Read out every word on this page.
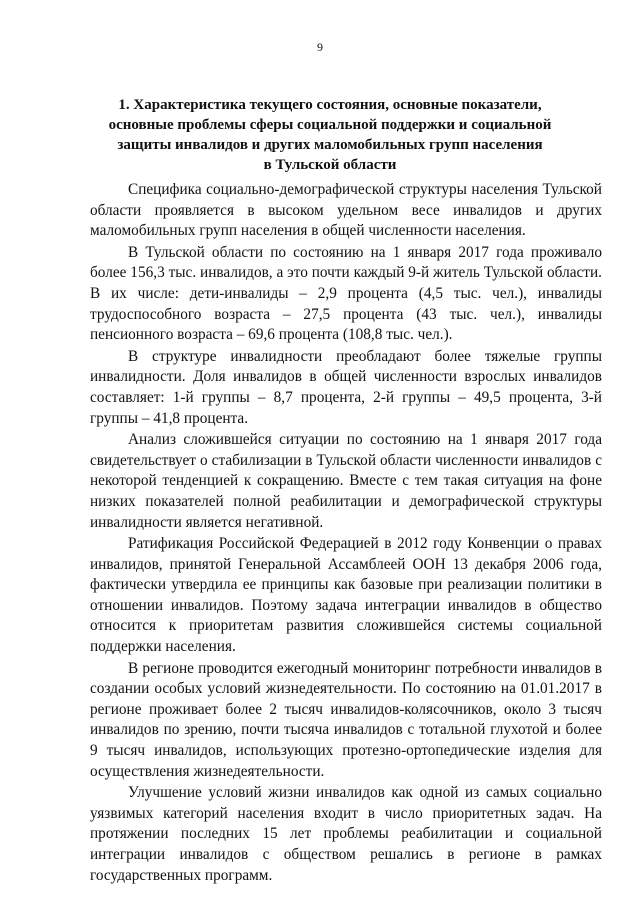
9
1. Характеристика текущего состояния, основные показатели,
основные проблемы сферы социальной поддержки и социальной
защиты инвалидов и других маломобильных групп населения
в Тульской области

Специфика социально-демографической структуры населения Тульской области проявляется в высоком удельном весе инвалидов и других маломобильных групп населения в общей численности населения.

В Тульской области по состоянию на 1 января 2017 года проживало более 156,3 тыс. инвалидов, а это почти каждый 9-й житель Тульской области. В их числе: дети-инвалиды – 2,9 процента (4,5 тыс. чел.), инвалиды трудоспособного возраста – 27,5 процента (43 тыс. чел.), инвалиды пенсионного возраста – 69,6 процента (108,8 тыс. чел.).

В структуре инвалидности преобладают более тяжелые группы инвалидности. Доля инвалидов в общей численности взрослых инвалидов составляет: 1-й группы – 8,7 процента, 2-й группы – 49,5 процента, 3-й группы – 41,8 процента.

Анализ сложившейся ситуации по состоянию на 1 января 2017 года свидетельствует о стабилизации в Тульской области численности инвалидов с некоторой тенденцией к сокращению. Вместе с тем такая ситуация на фоне низких показателей полной реабилитации и демографической структуры инвалидности является негативной.

Ратификация Российской Федерацией в 2012 году Конвенции о правах инвалидов, принятой Генеральной Ассамблеей ООН 13 декабря 2006 года, фактически утвердила ее принципы как базовые при реализации политики в отношении инвалидов. Поэтому задача интеграции инвалидов в общество относится к приоритетам развития сложившейся системы социальной поддержки населения.

В регионе проводится ежегодный мониторинг потребности инвалидов в создании особых условий жизнедеятельности. По состоянию на 01.01.2017 в регионе проживает более 2 тысяч инвалидов-колясочников, около 3 тысяч инвалидов по зрению, почти тысяча инвалидов с тотальной глухотой и более 9 тысяч инвалидов, использующих протезно-ортопедические изделия для осуществления жизнедеятельности.

Улучшение условий жизни инвалидов как одной из самых социально уязвимых категорий населения входит в число приоритетных задач. На протяжении последних 15 лет проблемы реабилитации и социальной интеграции инвалидов с обществом решались в регионе в рамках государственных программ.
